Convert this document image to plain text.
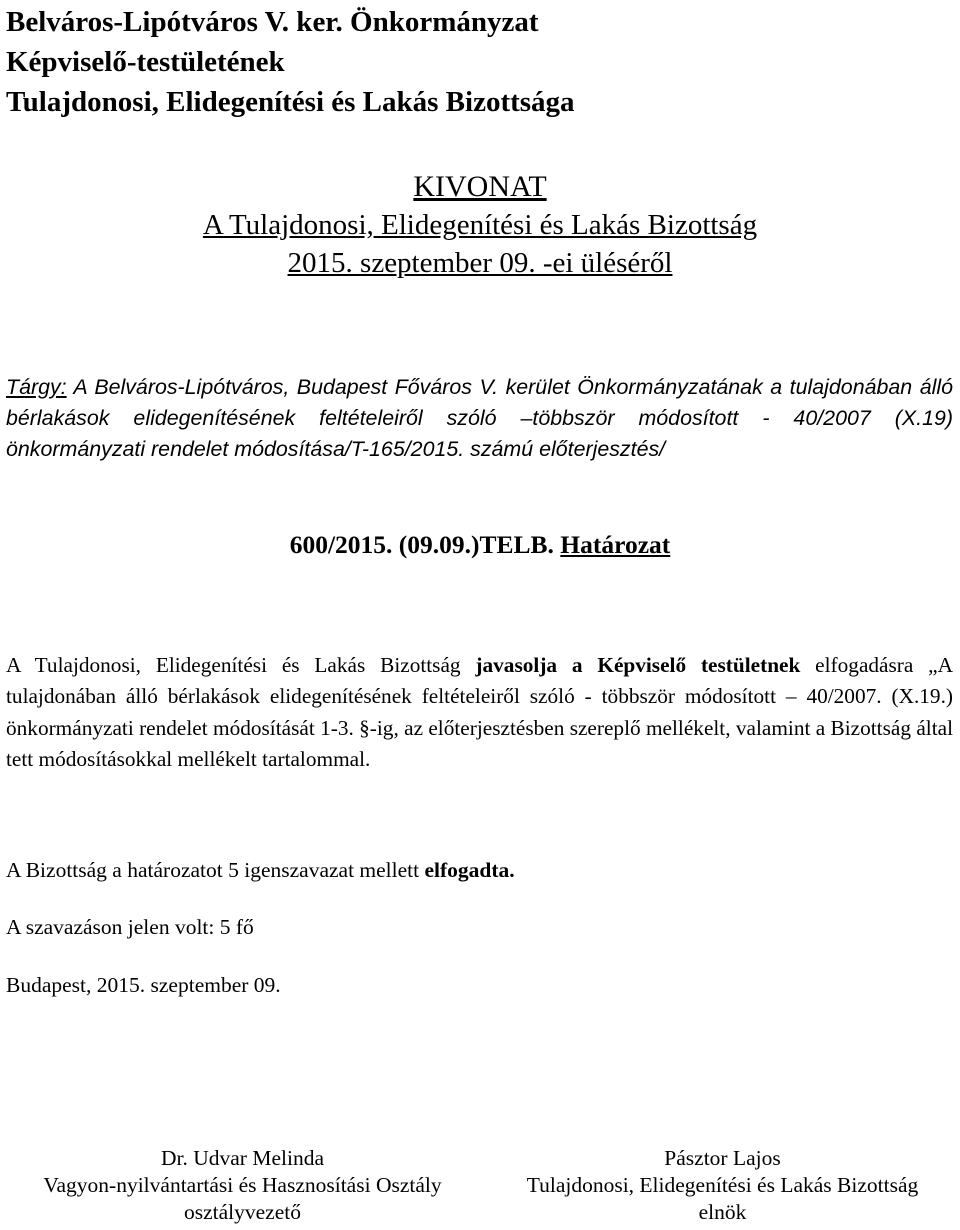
Belváros-Lipótváros V. ker. Önkormányzat
Képviselő-testületének
Tulajdonosi, Elidegenítési és Lakás Bizottsága
KIVONAT
A Tulajdonosi, Elidegenítési és Lakás Bizottság
2015. szeptember 09. -ei üléséről
Tárgy: A Belváros-Lipótváros, Budapest Főváros V. kerület Önkormányzatának a tulajdonában álló bérlakások elidegenítésének feltételeiről szóló –többször módosított - 40/2007 (X.19) önkormányzati rendelet módosítása/T-165/2015. számú előterjesztés/
600/2015. (09.09.)TELB. Határozat
A Tulajdonosi, Elidegenítési és Lakás Bizottság javasolja a Képviselő testületnek elfogadásra „A tulajdonában álló bérlakások elidegenítésének feltételeiről szóló - többször módosított – 40/2007. (X.19.) önkormányzati rendelet módosítását 1-3. §-ig, az előterjesztésben szereplő mellékelt, valamint a Bizottság által tett módosításokkal mellékelt tartalommal.
A Bizottság a határozatot 5 igenszavazat mellett elfogadta.
A szavazáson jelen volt: 5 fő
Budapest, 2015. szeptember 09.
Dr. Udvar Melinda
Vagyon-nyilvántartási és Hasznosítási Osztály
osztályvezető
Pásztor Lajos
Tulajdonosi, Elidegenítési és Lakás Bizottság
elnök
